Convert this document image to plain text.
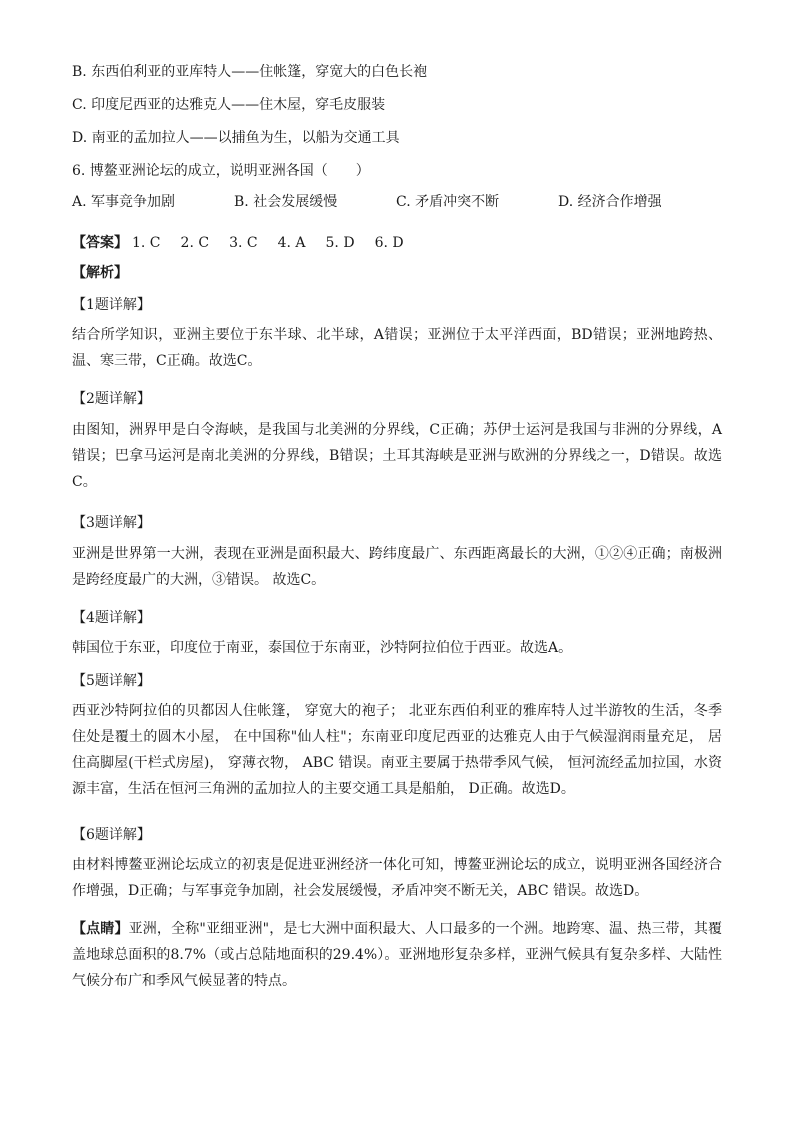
B. 东西伯利亚的亚库特人——住帐篷，穿宽大的白色长袍
C. 印度尼西亚的达雅克人——住木屋，穿毛皮服装
D. 南亚的孟加拉人——以捕鱼为生，以船为交通工具
6. 博鳌亚洲论坛的成立，说明亚洲各国（　　）
A. 军事竞争加剧	B. 社会发展缓慢	C. 矛盾冲突不断	D. 经济合作增强
【答案】 1. C 2. C 3. C 4. A 5. D 6. D
【解析】
【1题详解】
结合所学知识，亚洲主要位于东半球、北半球，A错误；亚洲位于太平洋西面，BD错误；亚洲地跨热、温、寒三带，C正确。故选C。
【2题详解】
由图知，洲界甲是白令海峡，是我国与北美洲的分界线，C正确；苏伊士运河是我国与非洲的分界线，A错误；巴拿马运河是南北美洲的分界线，B错误；土耳其海峡是亚洲与欧洲的分界线之一，D错误。故选C。
【3题详解】
亚洲是世界第一大洲，表现在亚洲是面积最大、跨纬度最广、东西距离最长的大洲，①②④正确；南极洲是跨经度最广的大洲，③错误。 故选C。
【4题详解】
韩国位于东亚，印度位于南亚，泰国位于东南亚，沙特阿拉伯位于西亚。故选A。
【5题详解】
西亚沙特阿拉伯的贝都因人住帐篷， 穿宽大的袍子； 北亚东西伯利亚的雅库特人过半游牧的生活，冬季住处是覆土的圆木小屋， 在中国称"仙人柱"；东南亚印度尼西亚的达雅克人由于气候湿润雨量充足， 居住高脚屋(干栏式房屋)， 穿薄衣物， ABC 错误。南亚主要属于热带季风气候， 恒河流经孟加拉国，水资源丰富，生活在恒河三角洲的孟加拉人的主要交通工具是船舶， D正确。故选D。
【6题详解】
由材料博鳌亚洲论坛成立的初衷是促进亚洲经济一体化可知，博鳌亚洲论坛的成立，说明亚洲各国经济合作增强，D正确；与军事竞争加剧，社会发展缓慢，矛盾冲突不断无关，ABC 错误。故选D。
【点睛】亚洲，全称"亚细亚洲"，是七大洲中面积最大、人口最多的一个洲。地跨寒、温、热三带，其覆盖地球总面积的8.7%（或占总陆地面积的29.4%）。亚洲地形复杂多样，亚洲气候具有复杂多样、大陆性气候分布广和季风气候显著的特点。
